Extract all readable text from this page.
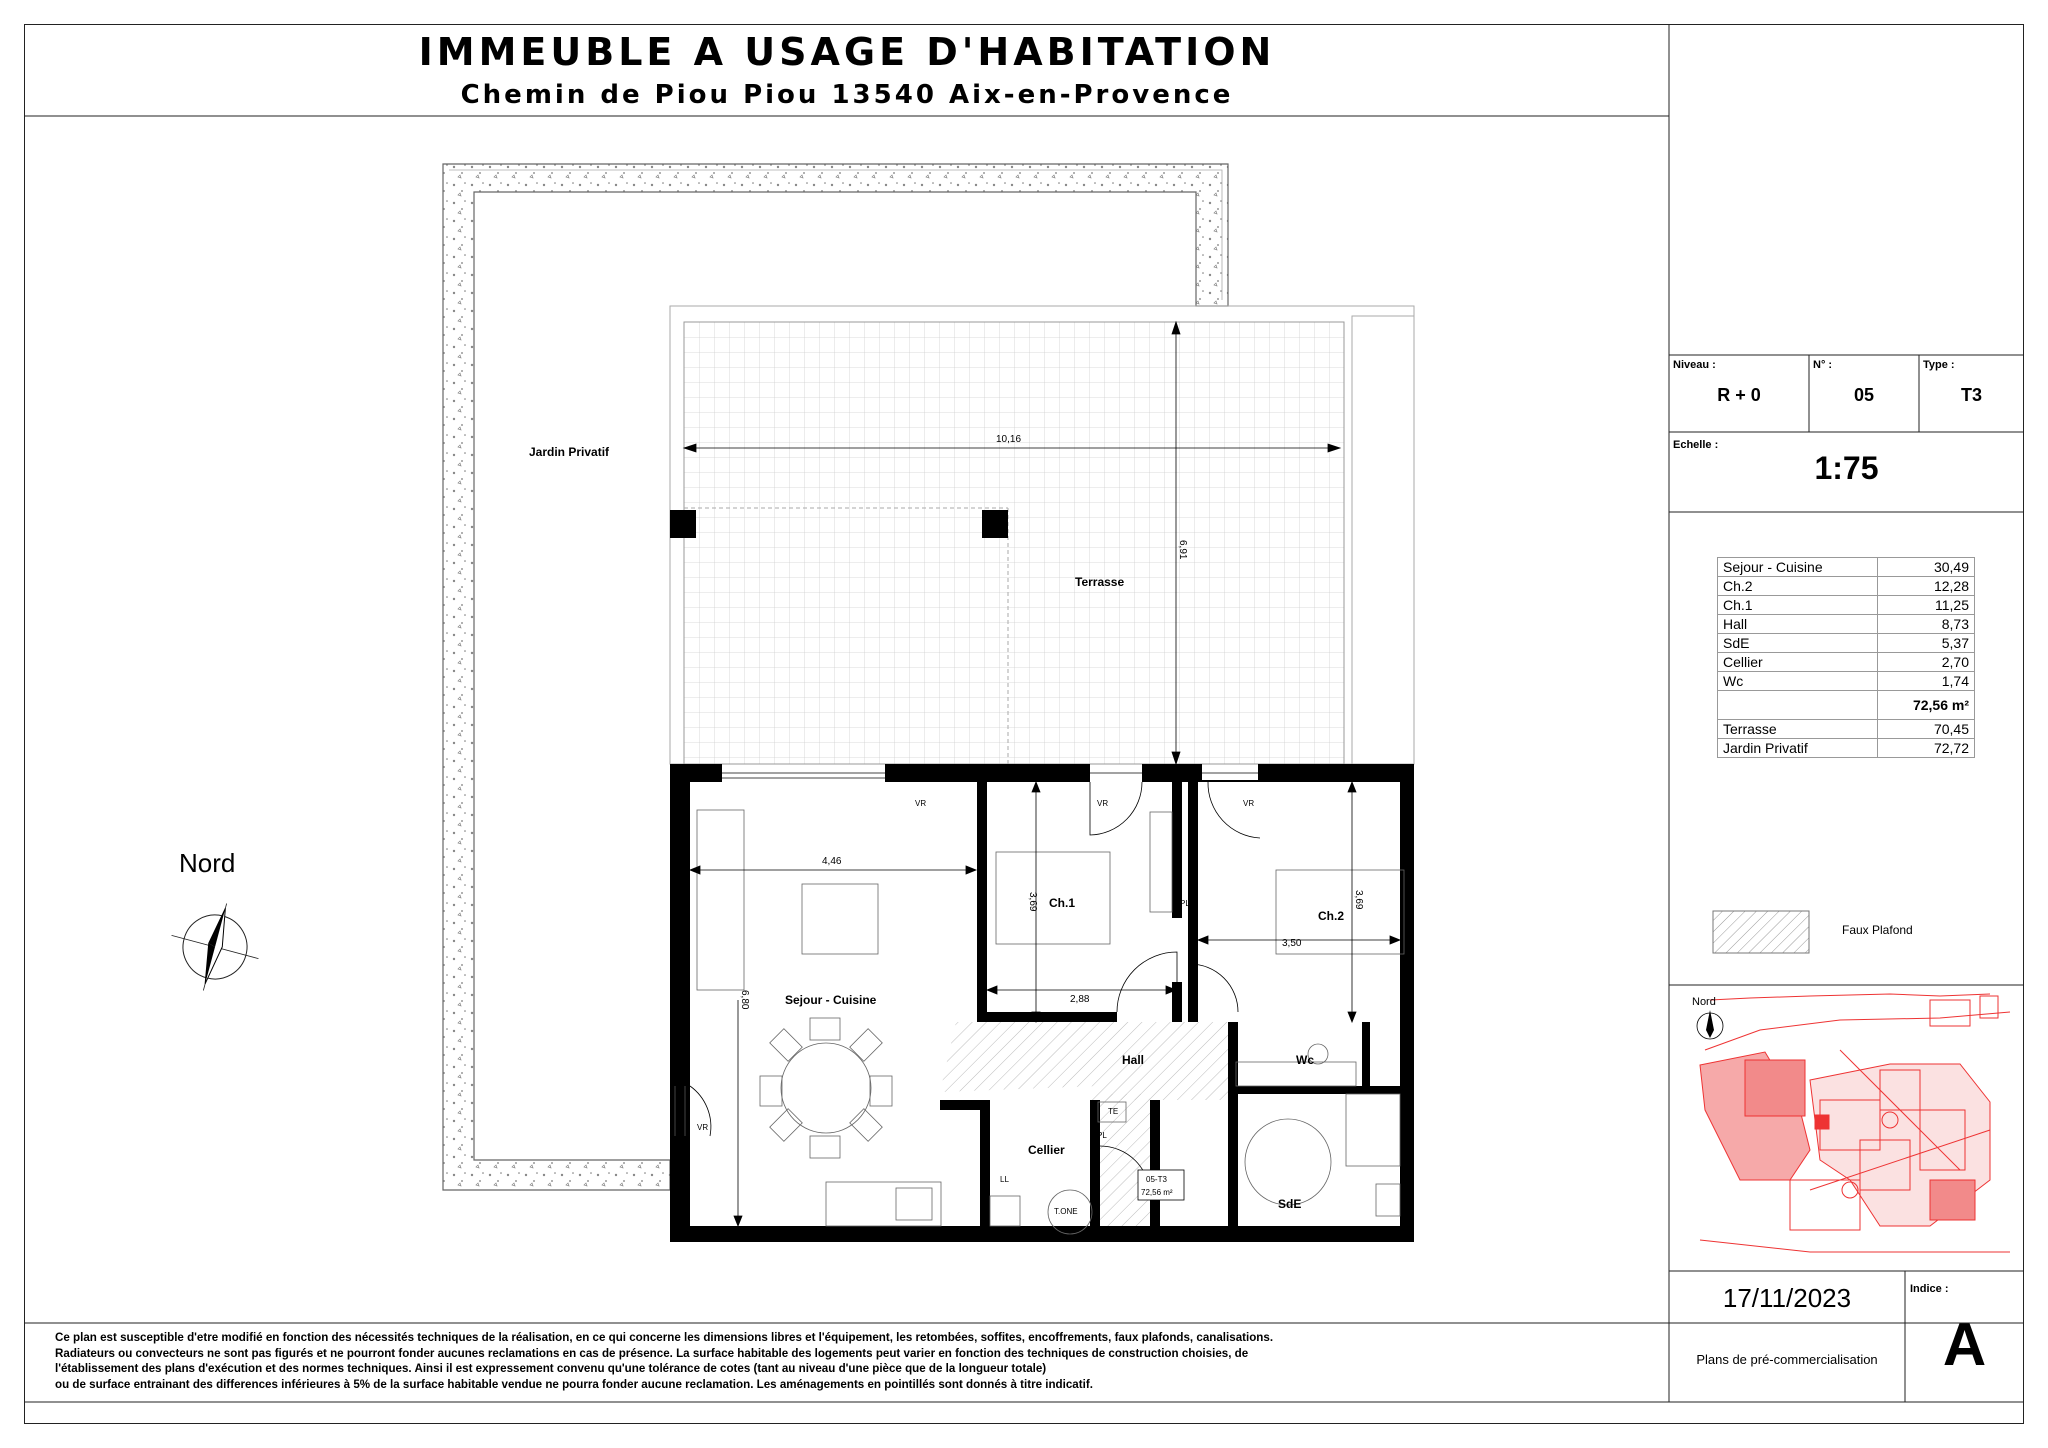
IMMEUBLE A USAGE D'HABITATION
Chemin de Piou Piou 13540 Aix-en-Provence
Niveau :
R + 0
N° :
05
Type :
T3
Echelle :
1:75
Sejour - Cuisine	30,49
Ch.2	12,28
Ch.1	11,25
Hall	8,73
SdE	5,37
Cellier	2,70
Wc	1,74
	72,56 m²
Terrasse	70,45
Jardin Privatif	72,72
Faux Plafond
Nord
17/11/2023	Indice :
A
Plans de pré-commercialisation
Ce plan est susceptible d'etre modifié en fonction des nécessités techniques de la réalisation, en ce qui concerne les dimensions libres et l'équipement, les retombées, soffites, encoffrements, faux plafonds, canalisations.
Radiateurs ou convecteurs ne sont pas figurés et ne pourront fonder aucunes reclamations en cas de présence. La surface habitable des logements peut varier en fonction des techniques de construction choisies, de
l'établissement des plans d'exécution et des normes techniques. Ainsi il est expressement convenu qu'une tolérance de cotes (tant au niveau d'une pièce que de la longueur totale)
ou de surface entrainant des differences inférieures à 5% de la surface habitable vendue ne pourra fonder aucune reclamation. Les aménagements en pointillés sont donnés à titre indicatif.
Nord
Jardin Privatif
Terrasse
Sejour - Cuisine
Ch.1
Ch.2
Hall	Wc
Cellier
SdE
10,16
6,91
4,46
6,80
3,69
2,88
3,50
3,69
VR	VR	VR
VR
PL
PL
TE
LL
T.ONE
05-T3
72,56 m²
